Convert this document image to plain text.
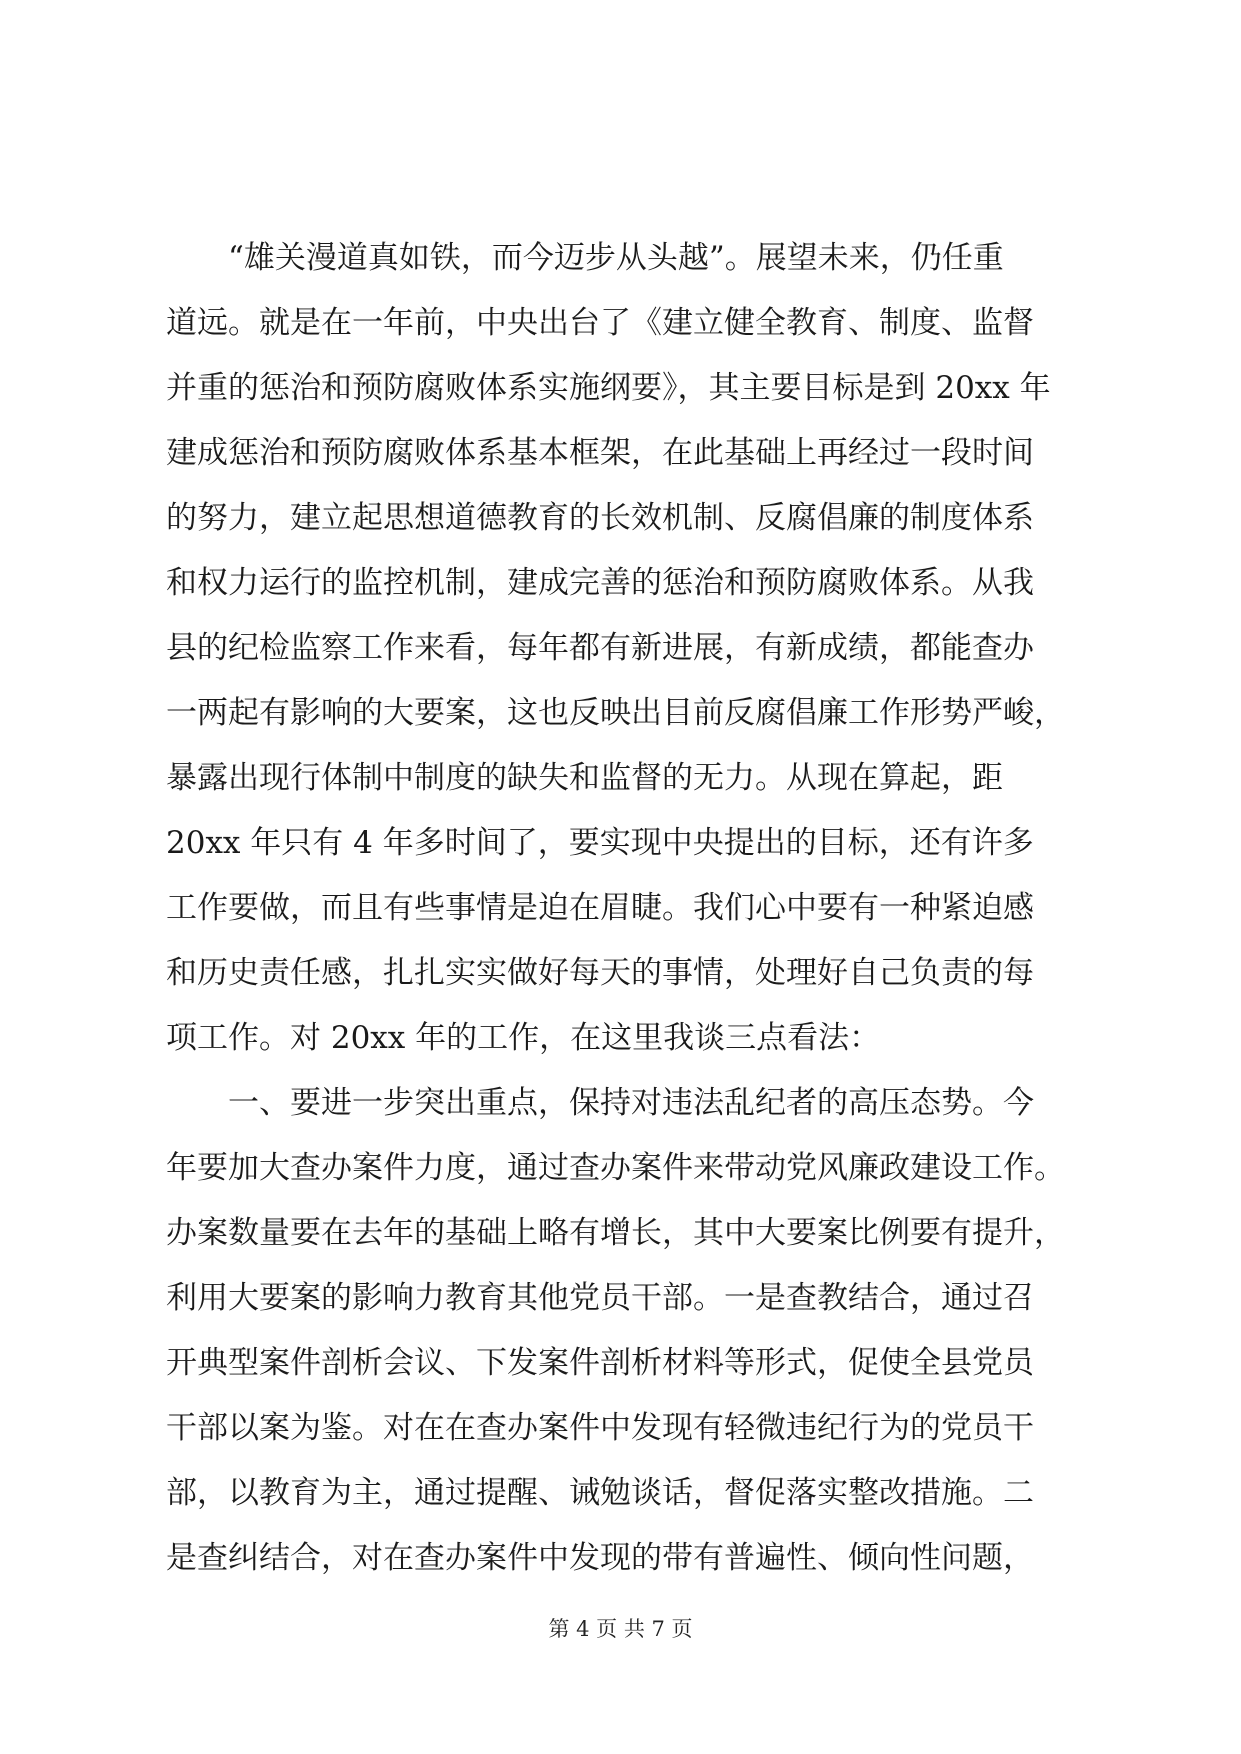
“雄关漫道真如铁，而今迈步从头越”。展望未来，仍任重
道远。就是在一年前，中央出台了《建立健全教育、制度、监督
并重的惩治和预防腐败体系实施纲要》，其主要目标是到 20xx 年
建成惩治和预防腐败体系基本框架，在此基础上再经过一段时间
的努力，建立起思想道德教育的长效机制、反腐倡廉的制度体系
和权力运行的监控机制，建成完善的惩治和预防腐败体系。从我
县的纪检监察工作来看，每年都有新进展，有新成绩，都能查办
一两起有影响的大要案，这也反映出目前反腐倡廉工作形势严峻，
暴露出现行体制中制度的缺失和监督的无力。从现在算起，距
20xx 年只有 4 年多时间了，要实现中央提出的目标，还有许多
工作要做，而且有些事情是迫在眉睫。我们心中要有一种紧迫感
和历史责任感，扎扎实实做好每天的事情，处理好自己负责的每
项工作。对 20xx 年的工作，在这里我谈三点看法：
一、要进一步突出重点，保持对违法乱纪者的高压态势。今
年要加大查办案件力度，通过查办案件来带动党风廉政建设工作。
办案数量要在去年的基础上略有增长，其中大要案比例要有提升，
利用大要案的影响力教育其他党员干部。一是查教结合，通过召
开典型案件剖析会议、下发案件剖析材料等形式，促使全县党员
干部以案为鉴。对在在查办案件中发现有轻微违纪行为的党员干
部，以教育为主，通过提醒、诫勉谈话，督促落实整改措施。二
是查纠结合，对在查办案件中发现的带有普遍性、倾向性问题，
第 4 页 共 7 页
